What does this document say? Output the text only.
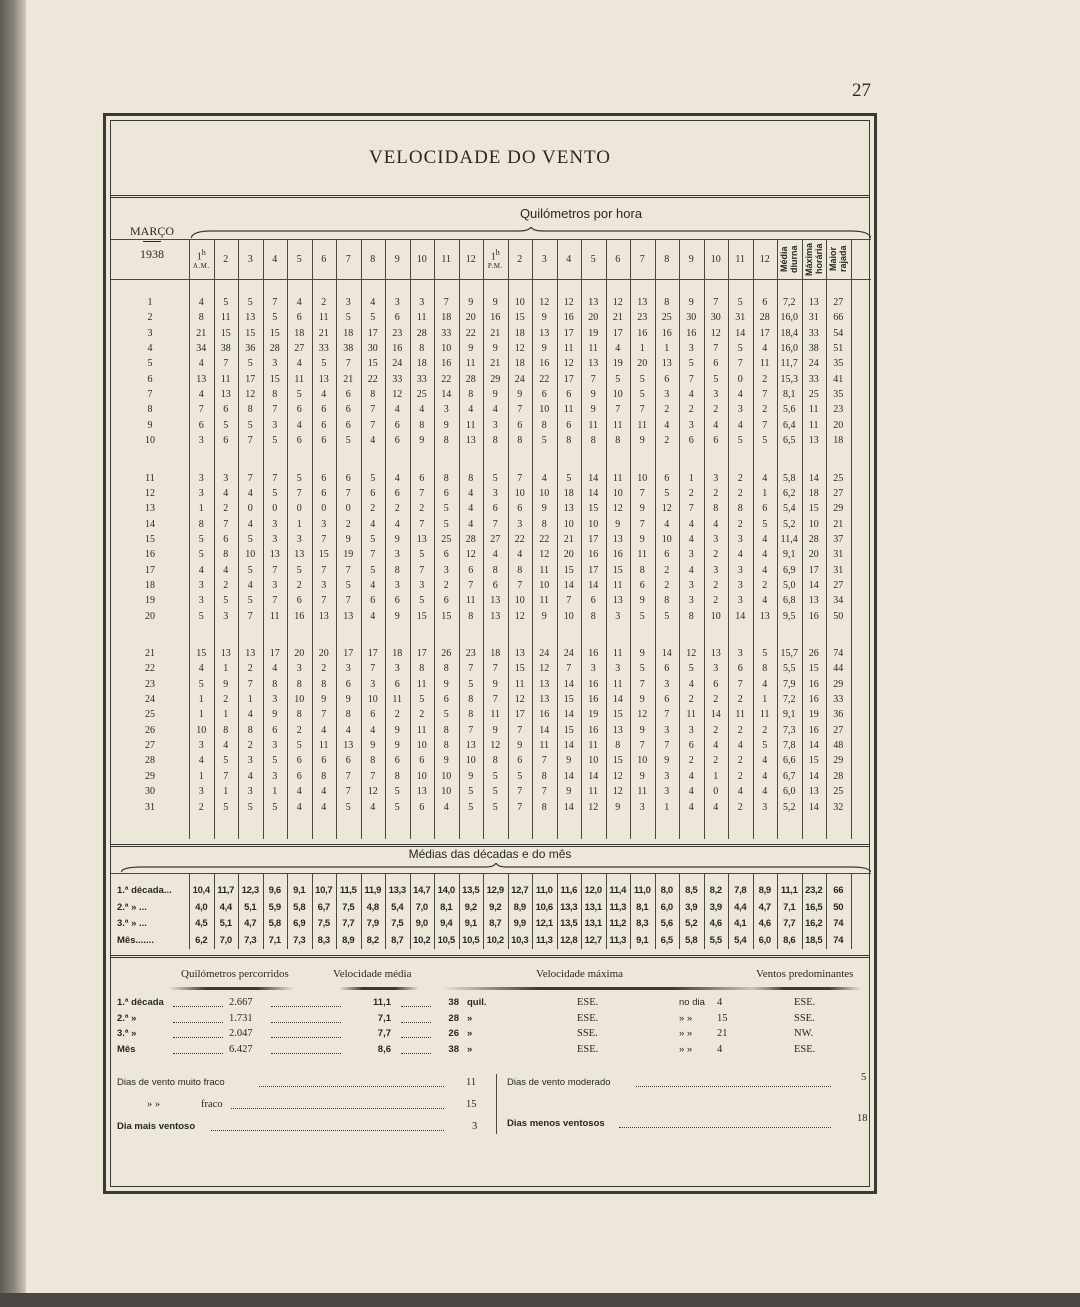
27
VELOCIDADE DO VENTO
Quilómetros por hora
MARÇO
1938	1$^h$
A.M.
2 3 4 5 6 7 8 9 10 11 12 1$^h$
P.M.
2 3 4 5 6 7 8 9 10 11 12 Média diurna Máxima horária Maior rajada
1	4	5	5	7	4	2	3	4	3	3	7	9	9	10	12	12	13	12	13	8	9	7	5	6	7,2	13	27
2	8	11	13	5	6	11	5	5	6	11	18	20	16	15	9	16	20	21	23	25	30	30	31	28	16,0	31	66
3	21	15	15	15	18	21	18	17	23	28	33	22	21	18	13	17	19	17	16	16	16	12	14	17	18,4	33	54
4	34	38	36	28	27	33	38	30	16	8	10	9	9	12	9	11	11	4	1	1	3	7	5	4	16,0	38	51
5	4	7	5	3	4	5	7	15	24	18	16	11	21	18	16	12	13	19	20	13	5	6	7	11	11,7	24	35
6	13	11	17	15	11	13	21	22	33	33	22	28	29	24	22	17	7	5	5	6	7	5	0	2	15,3	33	41
7	4	13	12	8	5	4	6	8	12	25	14	8	9	9	6	6	9	10	5	3	4	3	4	7	8,1	25	35
8	7	6	8	7	6	6	6	7	4	4	3	4	4	7	10	11	9	7	7	2	2	2	3	2	5,6	11	23
9	6	5	5	3	4	6	6	7	6	8	9	11	3	6	8	6	11	11	11	4	3	4	4	7	6,4	11	20
10	3	6	7	5	6	6	5	4	6	9	8	13	8	8	5	8	8	8	9	2	6	6	5	5	6,5	13	18
11	3	3	7	7	5	6	6	5	4	6	8	8	5	7	4	5	14	11	10	6	1	3	2	4	5,8	14	25
12	3	4	4	5	7	6	7	6	6	7	6	4	3	10	10	18	14	10	7	5	2	2	2	1	6,2	18	27
13	1	2	0	0	0	0	0	2	2	2	5	4	6	6	9	13	15	12	9	12	7	8	8	6	5,4	15	29
14	8	7	4	3	1	3	2	4	4	7	5	4	7	3	8	10	10	9	7	4	4	4	2	5	5,2	10	21
15	5	6	5	3	3	7	9	5	9	13	25	28	27	22	22	21	17	13	9	10	4	3	3	4	11,4	28	37
16	5	8	10	13	13	15	19	7	3	5	6	12	4	4	12	20	16	16	11	6	3	2	4	4	9,1	20	31
17	4	4	5	7	5	7	7	5	8	7	3	6	8	8	11	15	17	15	8	2	4	3	3	4	6,9	17	31
18	3	2	4	3	2	3	5	4	3	3	2	7	6	7	10	14	14	11	6	2	3	2	3	2	5,0	14	27
19	3	5	5	7	6	7	7	6	6	5	6	11	13	10	11	7	6	13	9	8	3	2	3	4	6,8	13	34
20	5	3	7	11	16	13	13	4	9	15	15	8	13	12	9	10	8	3	5	5	8	10	14	13	9,5	16	50
21	15	13	13	17	20	20	17	17	18	17	26	23	18	13	24	24	16	11	9	14	12	13	3	5	15,7	26	74
22	4	1	2	4	3	2	3	7	3	8	8	7	7	15	12	7	3	3	5	6	5	3	6	8	5,5	15	44
23	5	9	7	8	8	8	6	3	6	11	9	5	9	11	13	14	16	11	7	3	4	6	7	4	7,9	16	29
24	1	2	1	3	10	9	9	10	11	5	6	8	7	12	13	15	16	14	9	6	2	2	2	1	7,2	16	33
25	1	1	4	9	8	7	8	6	2	2	5	8	11	17	16	14	19	15	12	7	11	14	11	11	9,1	19	36
26	10	8	8	6	2	4	4	4	9	11	8	7	9	7	14	15	16	13	9	3	3	2	2	2	7,3	16	27
27	3	4	2	3	5	11	13	9	9	10	8	13	12	9	11	14	11	8	7	7	6	4	4	5	7,8	14	48
28	4	5	3	5	6	6	6	8	6	6	9	10	8	6	7	9	10	15	10	9	2	2	2	4	6,6	15	29
29	1	7	4	3	6	8	7	7	8	10	10	9	5	5	8	14	14	12	9	3	4	1	2	4	6,7	14	28
30	3	1	3	1	4	4	7	12	5	13	10	5	5	7	7	9	11	12	11	3	4	0	4	4	6,0	13	25
31	2	5	5	5	4	4	5	4	5	6	4	5	5	7	8	14	12	9	3	1	4	4	2	3	5,2	14	32
Médias das décadas e do mês
1.ª década...	10,4 11,7 12,3	9,6	9,1	10,7 11,5 11,9 13,3 14,7 14,0 13,5 12,9 12,7 11,0 11,6 12,0 11,4 11,0	8,0	8,5	8,2	7,8	8,9	11,1 23,2	66
2.ª » ...	4,0	4,4	5,1	5,9	5,8	6,7	7,5	4,8	5,4	7,0	8,1	9,2	9,2	8,9	10,6 13,3 13,1 11,3	8,1	6,0	3,9	3,9	4,4	4,7	7,1	16,5	50
3.ª » ...	4,5	5,1	4,7	5,8	6,9	7,5	7,7	7,9	7,5	9,0	9,4	9,1	8,7	9,9	12,1 13,5 13,1 11,2	8,3	5,6	5,2	4,6	4,1	4,6	7,7	16,2	74
Mês.......	6,2	7,0	7,3	7,1	7,3	8,3	8,9	8,2	8,7	10,2 10,5 10,5 10,2 10,3 11,3 12,8 12,7 11,3	9,1	6,5	5,8	5,5	5,4	6,0	8,6	18,5	74
Quilómetros percorridos	Velocidade média	Velocidade máxima	Ventos predominantes
1.ª década	2.667	11,1	38 quil.	ESE.	no dia 4	ESE.
2.ª »	1.731	7,1	28 »	ESE.	» » 15	SSE.
3.ª »	2.047	7,7	26 »	SSE.	» » 21	NW.
Mês	6.427	8,6	38 »	ESE.	» » 4	ESE.
Dias de vento muito fraco	11
» »	fraco	15
Dia mais ventoso	3
Dias de vento moderado	5
Dias menos ventosos	18
